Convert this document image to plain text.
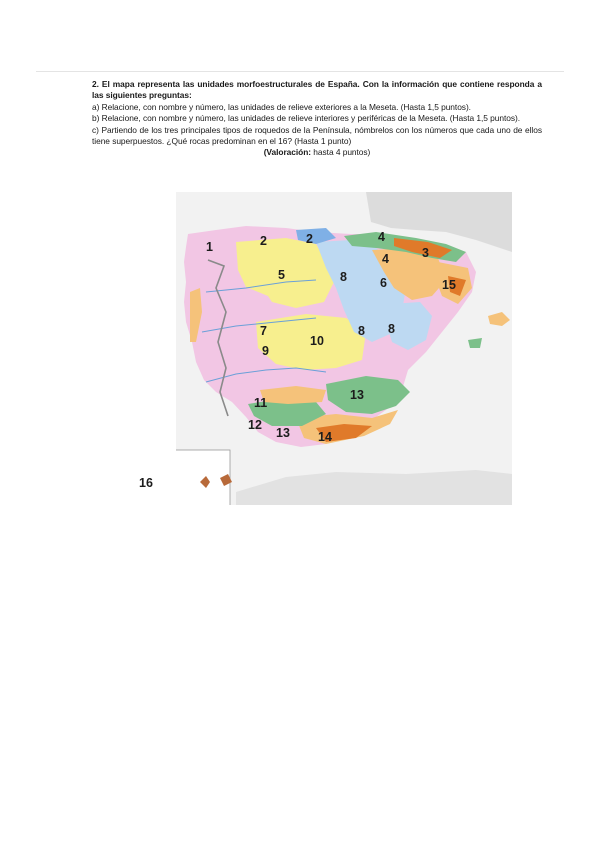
2. El mapa representa las unidades morfoestructurales de España. Con la información que contiene responda a las siguientes preguntas:

a) Relacione, con nombre y número, las unidades de relieve exteriores a la Meseta. (Hasta 1,5 puntos).

b) Relacione, con nombre y número, las unidades de relieve interiores y periféricas de la Meseta. (Hasta 1,5 puntos).

c) Partiendo de los tres principales tipos de roquedos de la Península, nómbrelos con los números que cada uno de ellos tiene superpuestos. ¿Qué rocas predominan en el 16? (Hasta 1 punto)

(Valoración: hasta 4 puntos)

1	2	2	4
3
5	8
4
6	15
7	8 8
10
9
13
11
12
13 14
16
